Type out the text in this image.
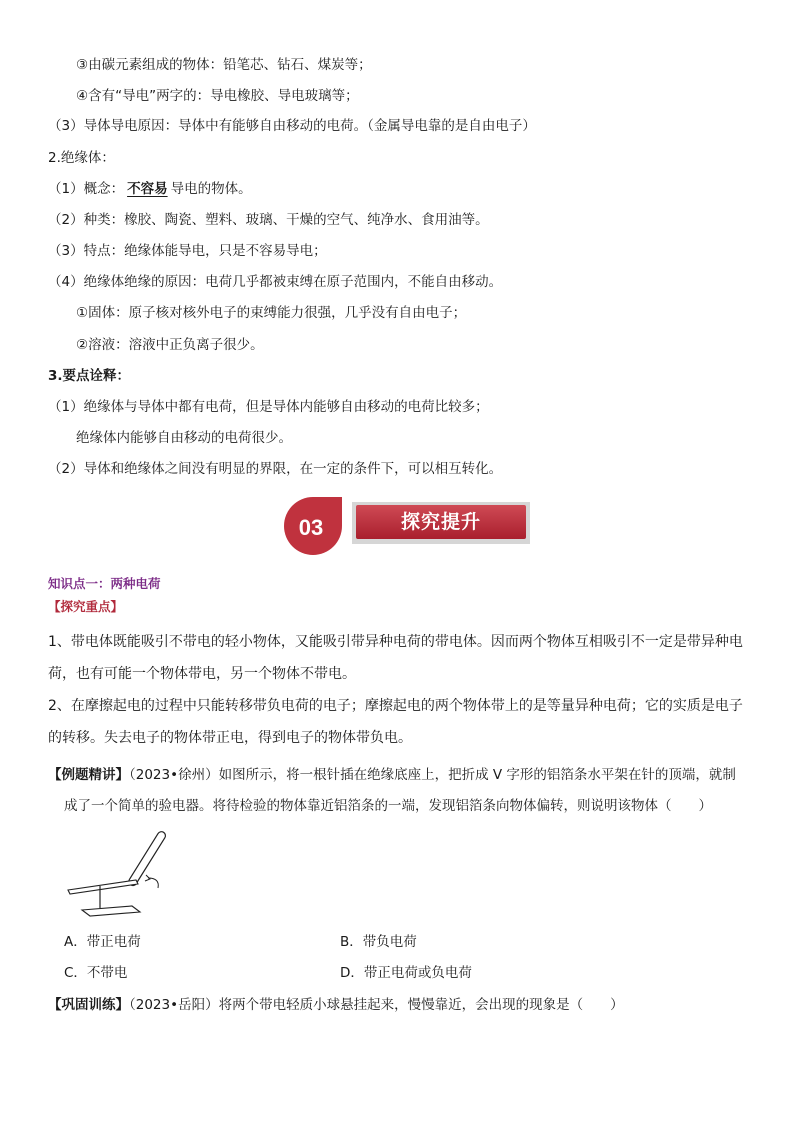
③由碳元素组成的物体：铅笔芯、钻石、煤炭等；
④含有“导电”两字的：导电橡胶、导电玻璃等；
（3）导体导电原因：导体中有能够自由移动的电荷。（金属导电靠的是自由电子）
2.绝缘体：
（1）概念： 不容易 导电的物体。
（2）种类：橡胶、陶瓷、塑料、玻璃、干燥的空气、纯净水、食用油等。
（3）特点：绝缘体能导电，只是不容易导电；
（4）绝缘体绝缘的原因：电荷几乎都被束缚在原子范围内，不能自由移动。
①固体：原子核对核外电子的束缚能力很强，几乎没有自由电子；
②溶液：溶液中正负离子很少。
3.要点诠释：
（1）绝缘体与导体中都有电荷，但是导体内能够自由移动的电荷比较多；
绝缘体内能够自由移动的电荷很少。
（2）导体和绝缘体之间没有明显的界限，在一定的条件下，可以相互转化。
03	探究提升
知识点一：两种电荷
【探究重点】
1、带电体既能吸引不带电的轻小物体，又能吸引带异种电荷的带电体。因而两个物体互相吸引不一定是带异种电
荷，也有可能一个物体带电，另一个物体不带电。
2、在摩擦起电的过程中只能转移带负电荷的电子；摩擦起电的两个物体带上的是等量异种电荷；它的实质是电子
的转移。失去电子的物体带正电，得到电子的物体带负电。
【例题精讲】（2023•徐州）如图所示，将一根针插在绝缘底座上，把折成 V 字形的铝箔条水平架在针的顶端，就制
成了一个简单的验电器。将待检验的物体靠近铝箔条的一端，发现铝箔条向物体偏转，则说明该物体（　　）
A．带正电荷	B．带负电荷
C．不带电	D．带正电荷或负电荷
【巩固训练】（2023•岳阳）将两个带电轻质小球悬挂起来，慢慢靠近，会出现的现象是（　　）
